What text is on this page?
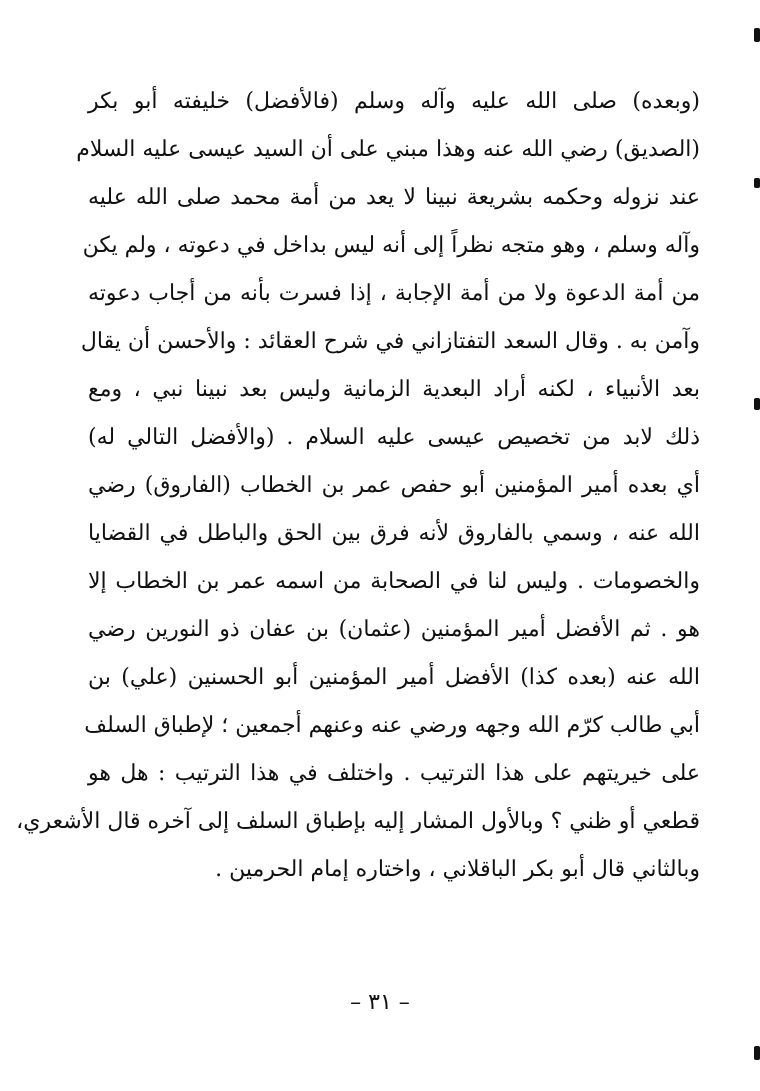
(وبعده) صلى الله عليه وآله وسلم (فالأفضل) خليفته أبو بكر
(الصديق) رضي الله عنه وهذا مبني على أن السيد عيسى عليه السلام
عند نزوله وحكمه بشريعة نبينا لا يعد من أمة محمد صلى الله عليه
وآله وسلم ، وهو متجه نظراً إلى أنه ليس بداخل في دعوته ، ولم يكن
من أمة الدعوة ولا من أمة الإجابة ، إذا فسرت بأنه من أجاب دعوته
وآمن به . وقال السعد التفتازاني في شرح العقائد : والأحسن أن يقال
بعد الأنبياء ، لكنه أراد البعدية الزمانية وليس بعد نبينا نبي ، ومع
ذلك لابد من تخصيص عيسى عليه السلام . (والأفضل التالي له)
أي بعده أمير المؤمنين أبو حفص عمر بن الخطاب (الفاروق) رضي
الله عنه ، وسمي بالفاروق لأنه فرق بين الحق والباطل في القضايا
والخصومات . وليس لنا في الصحابة من اسمه عمر بن الخطاب إلا
هو . ثم الأفضل أمير المؤمنين (عثمان) بن عفان ذو النورين رضي
الله عنه (بعده كذا) الأفضل أمير المؤمنين أبو الحسنين (علي) بن
أبي طالب كرّم الله وجهه ورضي عنه وعنهم أجمعين ؛ لإطباق السلف
على خيريتهم على هذا الترتيب . واختلف في هذا الترتيب : هل هو
قطعي أو ظني ؟ وبالأول المشار إليه بإطباق السلف إلى آخره قال الأشعري،
وبالثاني قال أبو بكر الباقلاني ، واختاره إمام الحرمين .
– ٣١ –
